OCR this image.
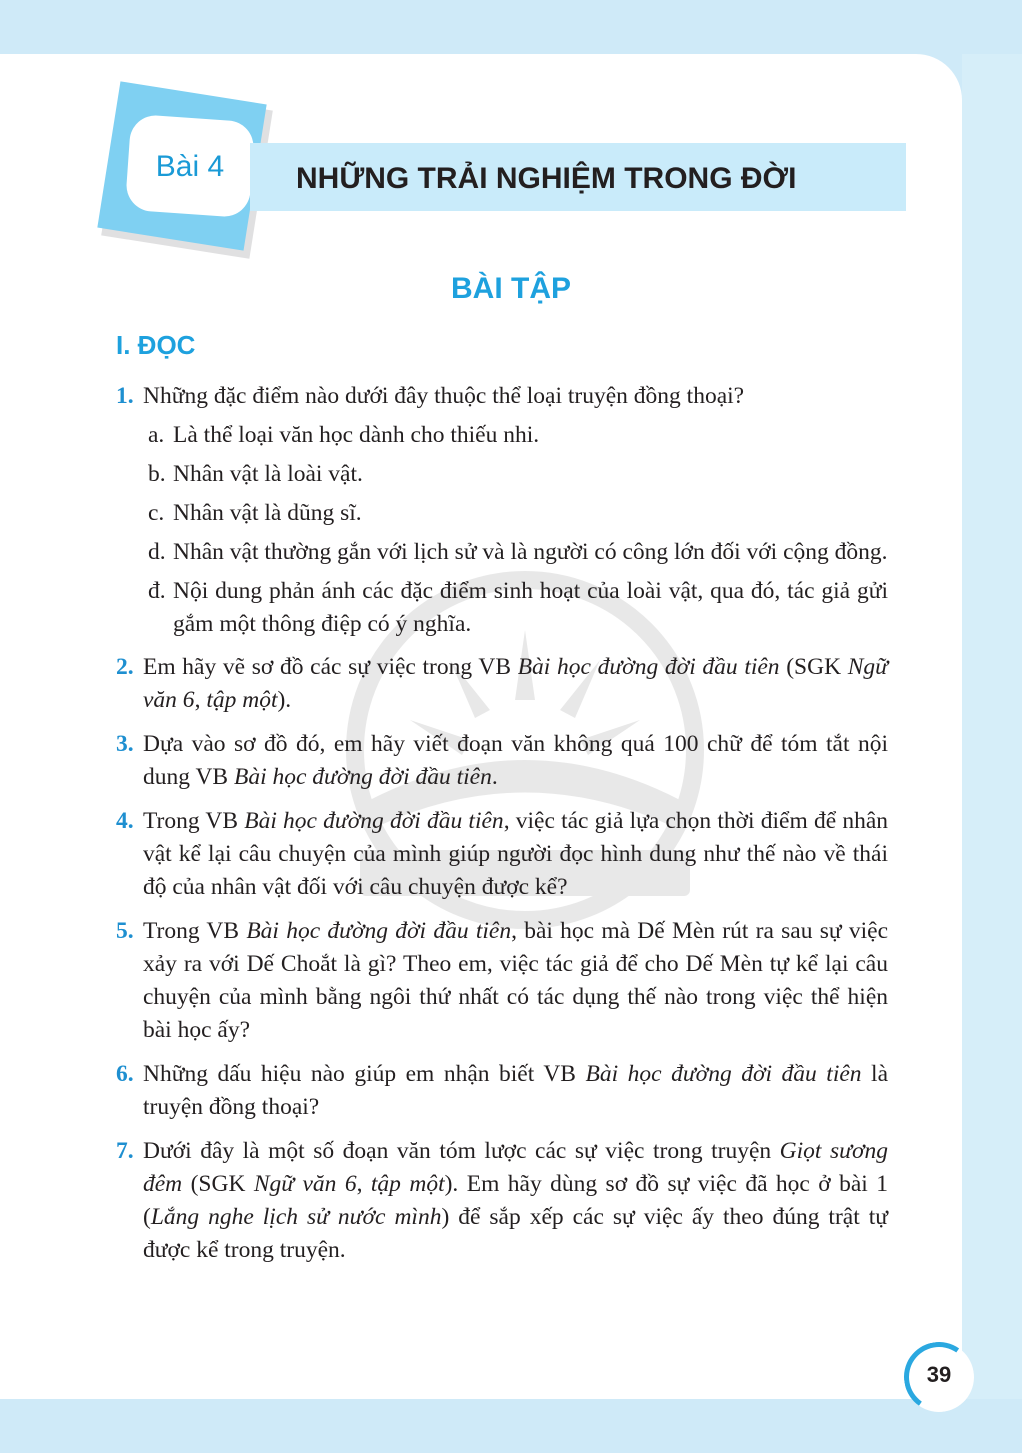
Bài 4	NHỮNG TRẢI NGHIỆM TRONG ĐỜI
BÀI TẬP
I. ĐỌC
1. Những đặc điểm nào dưới đây thuộc thể loại truyện đồng thoại?
a. Là thể loại văn học dành cho thiếu nhi.
b. Nhân vật là loài vật.
c. Nhân vật là dũng sĩ.
d. Nhân vật thường gắn với lịch sử và là người có công lớn đối với cộng đồng.
đ. Nội dung phản ánh các đặc điểm sinh hoạt của loài vật, qua đó, tác giả gửi gắm một thông điệp có ý nghĩa.
2. Em hãy vẽ sơ đồ các sự việc trong VB Bài học đường đời đầu tiên (SGK Ngữ văn 6, tập một).
3. Dựa vào sơ đồ đó, em hãy viết đoạn văn không quá 100 chữ để tóm tắt nội dung VB Bài học đường đời đầu tiên.
4. Trong VB Bài học đường đời đầu tiên, việc tác giả lựa chọn thời điểm để nhân vật kể lại câu chuyện của mình giúp người đọc hình dung như thế nào về thái độ của nhân vật đối với câu chuyện được kể?
5. Trong VB Bài học đường đời đầu tiên, bài học mà Dế Mèn rút ra sau sự việc xảy ra với Dế Choắt là gì? Theo em, việc tác giả để cho Dế Mèn tự kể lại câu chuyện của mình bằng ngôi thứ nhất có tác dụng thế nào trong việc thể hiện bài học ấy?
6. Những dấu hiệu nào giúp em nhận biết VB Bài học đường đời đầu tiên là truyện đồng thoại?
7. Dưới đây là một số đoạn văn tóm lược các sự việc trong truyện Giọt sương đêm (SGK Ngữ văn 6, tập một). Em hãy dùng sơ đồ sự việc đã học ở bài 1 (Lắng nghe lịch sử nước mình) để sắp xếp các sự việc ấy theo đúng trật tự được kể trong truyện.
39
